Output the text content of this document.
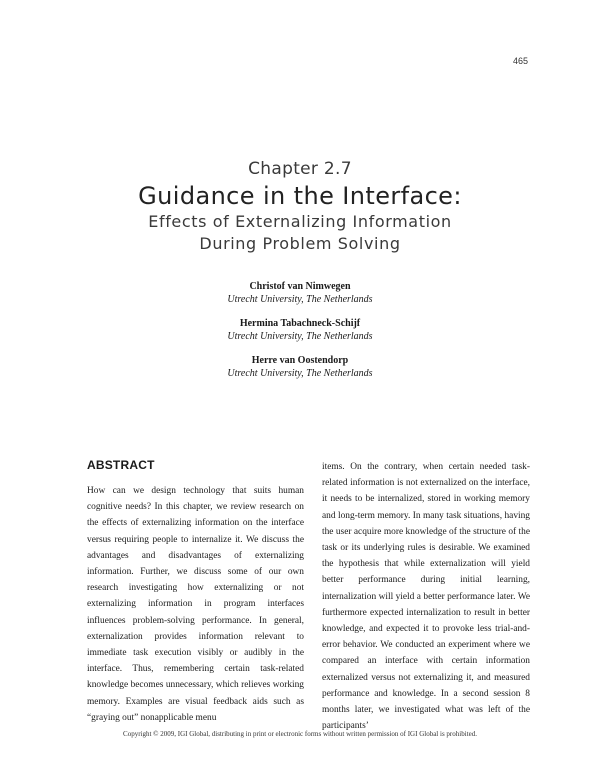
465
Chapter 2.7
Guidance in the Interface:
Effects of Externalizing Information
During Problem Solving
Christof van Nimwegen
Utrecht University, The Netherlands
Hermina Tabachneck-Schijf
Utrecht University, The Netherlands
Herre van Oostendorp
Utrecht University, The Netherlands
ABSTRACT
How can we design technology that suits human cognitive needs? In this chapter, we review research on the effects of externalizing information on the interface versus requiring people to internalize it. We discuss the advantages and disadvantages of externalizing information. Further, we discuss some of our own research investigating how externalizing or not externalizing information in program interfaces influences problem-solving performance. In general, externalization provides information relevant to immediate task execution visibly or audibly in the interface. Thus, remembering certain task-related knowledge becomes unnecessary, which relieves working memory. Examples are visual feedback aids such as “graying out” nonapplicable menu
items. On the contrary, when certain needed task-related information is not externalized on the interface, it needs to be internalized, stored in working memory and long-term memory. In many task situations, having the user acquire more knowledge of the structure of the task or its underlying rules is desirable. We examined the hypothesis that while externalization will yield better performance during initial learning, internalization will yield a better performance later. We furthermore expected internalization to result in better knowledge, and expected it to provoke less trial-and-error behavior. We conducted an experiment where we compared an interface with certain information externalized versus not externalizing it, and measured performance and knowledge. In a second session 8 months later, we investigated what was left of the participants’
Copyright © 2009, IGI Global, distributing in print or electronic forms without written permission of IGI Global is prohibited.
